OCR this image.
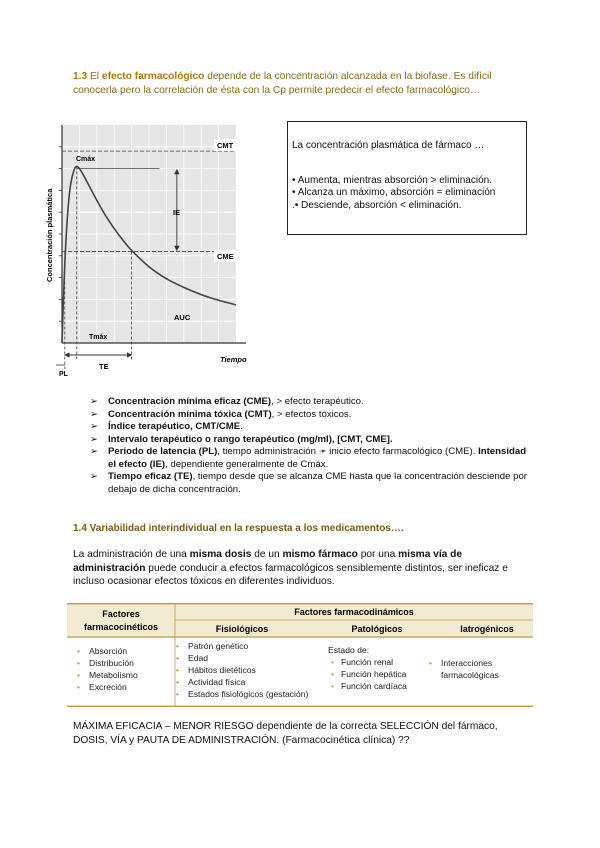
1.3 El efecto farmacológico depende de la concentración alcanzada en la biofase. Es difícil conocerla pero la correlación de ésta con la Cp permite predecir el efecto farmacológico…

CMT
CME
Cmáx
IE
AUC
Tmáx
TE
PL
Tiempo
Concentración plasmática
La concentración plasmática de fármaco …
• Aumenta, mientras absorción > eliminación.
• Alcanza un máximo, absorción = eliminación
.• Desciende, absorción < eliminación.
➢ Concentración mínima eficaz (CME), > efecto terapéutico.
➢ Concentración mínima tóxica (CMT), > efectos tóxicos.
➢ Índice terapéutico, CMT/CME.
➢ Intervalo terapéutico o rango terapéutico (mg/ml), [CMT, CME].
➢ Periodo de latencia (PL), tiempo administración ➛ inicio efecto farmacológico (CME). Intensidad el efecto (IE), dependiente generalmente de Cmáx.
➢ Tiempo eficaz (TE), tiempo desde que se alcanza CME hasta que la concentración desciende por debajo de dicha concentración.
1.4 Variabilidad interindividual en la respuesta a los medicamentos….

La administración de una misma dosis de un mismo fármaco por una misma vía de administración puede conducir a efectos farmacológicos sensiblemente distintos, ser ineficaz e incluso ocasionar efectos tóxicos en diferentes individuos.

Factores
farmacocinéticos
Factores farmacodinámicos
Fisiológicos	Patológicos	Iatrogénicos
• Absorción
• Distribución
• Metabolismo
• Excreción
• Patrón genético
• Edad
• Hábitos dietéticos
• Actividad física
• Estados fisiológicos (gestación)
Estado de:
• Función renal
• Función hepática
• Función cardíaca
• Interacciones
farmacológicas

MÁXIMA EFICACIA – MENOR RIESGO dependiente de la correcta SELECCIÓN del fármaco, DOSIS, VÍA y PAUTA DE ADMINISTRACIÓN. (Farmacocinética clínica) ??
